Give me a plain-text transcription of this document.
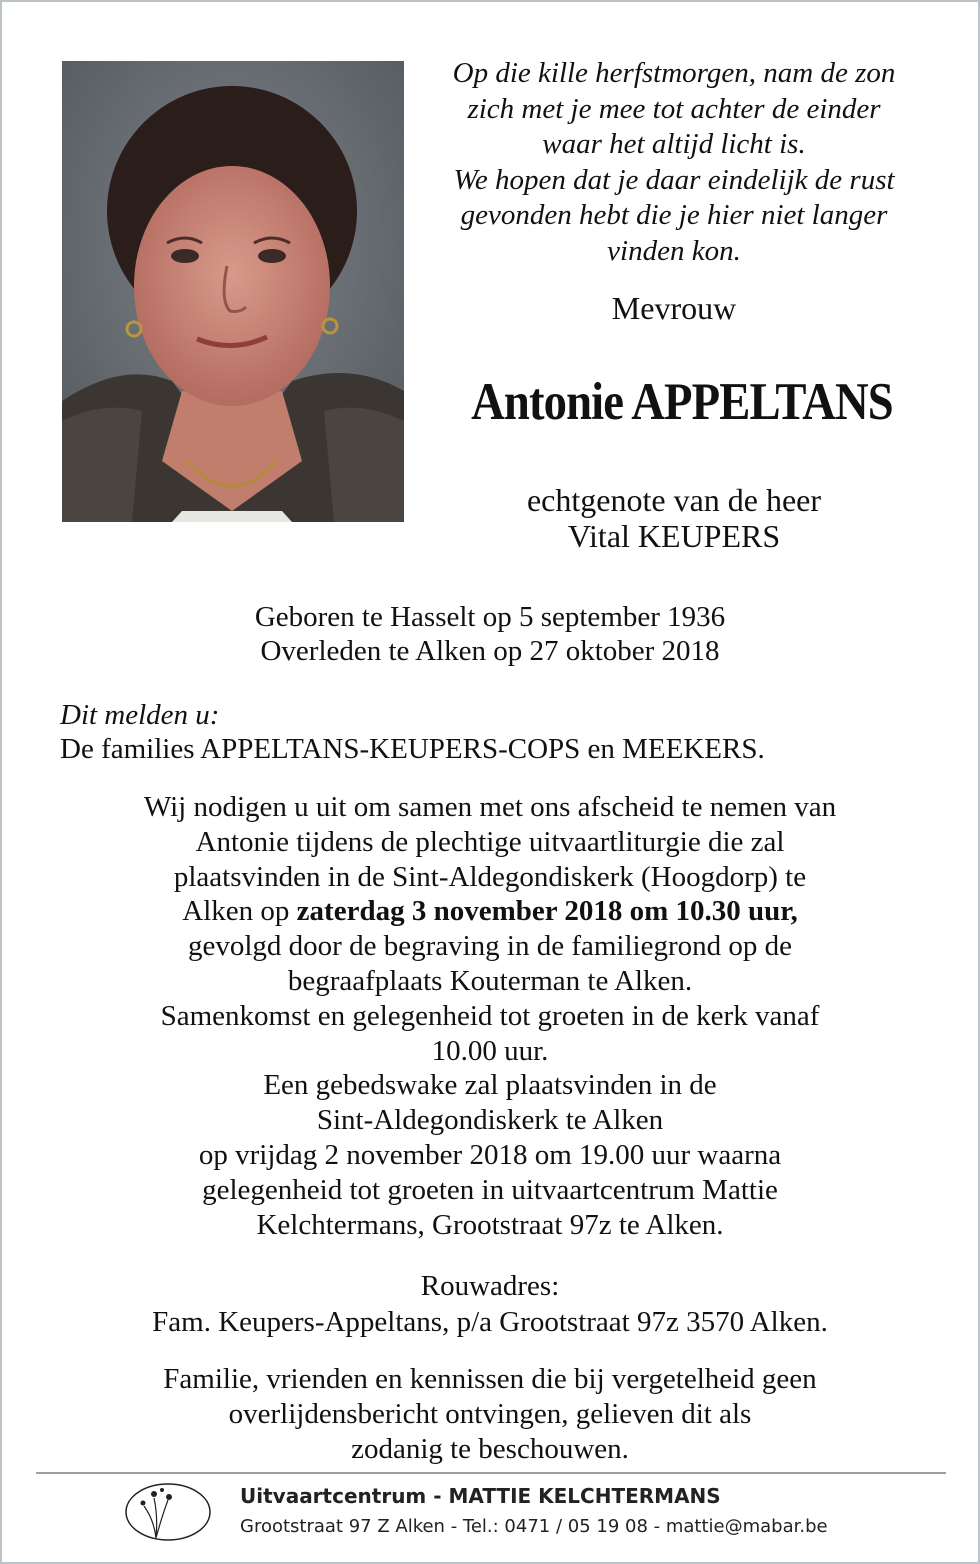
Op die kille herfstmorgen, nam de zon
zich met je mee tot achter de einder
waar het altijd licht is.
We hopen dat je daar eindelijk de rust
gevonden hebt die je hier niet langer
vinden kon.
Mevrouw
Antonie APPELTANS
echtgenote van de heer
Vital KEUPERS
Geboren te Hasselt op 5 september 1936
Overleden te Alken op 27 oktober 2018
Dit melden u:
De families APPELTANS-KEUPERS-COPS en MEEKERS.
Wij nodigen u uit om samen met ons afscheid te nemen van
Antonie tijdens de plechtige uitvaartliturgie die zal
plaatsvinden in de Sint-Aldegondiskerk (Hoogdorp) te
Alken op zaterdag 3 november 2018 om 10.30 uur,
gevolgd door de begraving in de familiegrond op de
begraafplaats Kouterman te Alken.
Samenkomst en gelegenheid tot groeten in de kerk vanaf
10.00 uur.
Een gebedswake zal plaatsvinden in de
Sint-Aldegondiskerk te Alken
op vrijdag 2 november 2018 om 19.00 uur waarna
gelegenheid tot groeten in uitvaartcentrum Mattie
Kelchtermans, Grootstraat 97z te Alken.
Rouwadres:
Fam. Keupers-Appeltans, p/a Grootstraat 97z 3570 Alken.
Familie, vrienden en kennissen die bij vergetelheid geen
overlijdensbericht ontvingen, gelieven dit als
zodanig te beschouwen.
Uitvaartcentrum - MATTIE KELCHTERMANS
Grootstraat 97 Z Alken - Tel.: 0471 / 05 19 08 - mattie@mabar.be
